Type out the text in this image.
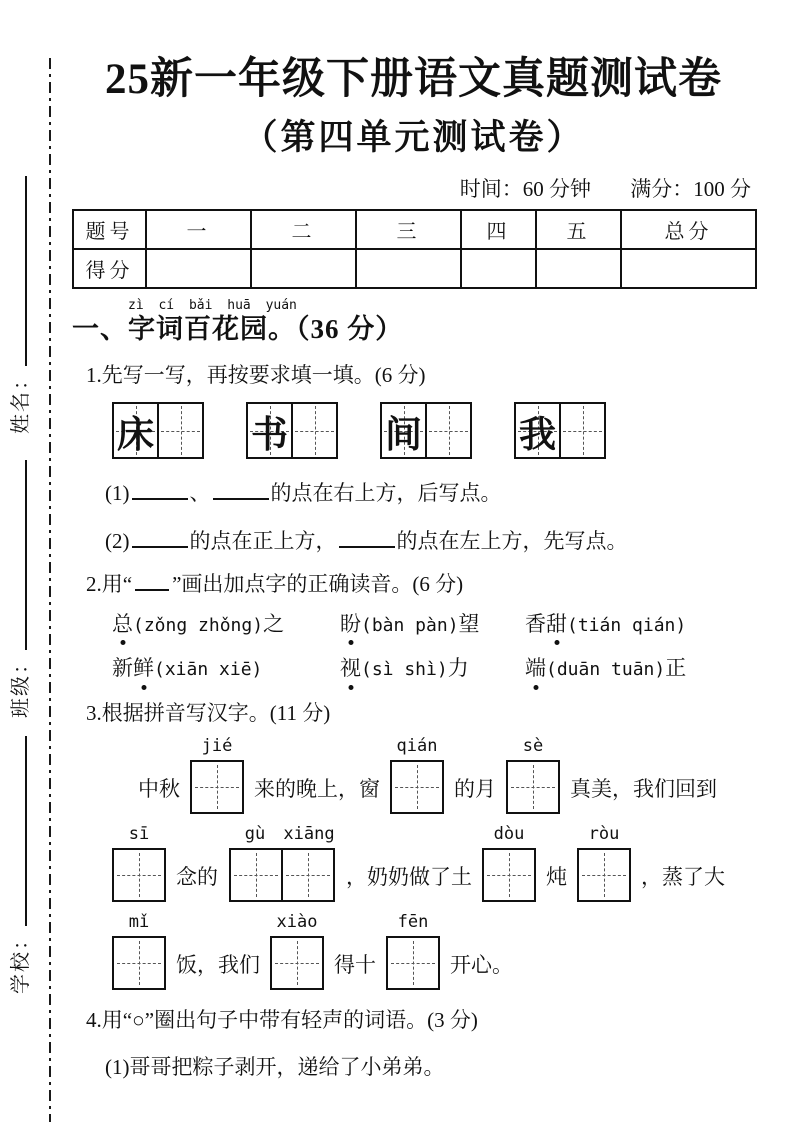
姓名：
班级：
学校：
25新一年级下册语文真题测试卷
（第四单元测试卷）
时间：60 分钟 满分：100 分
题号	一	二	三	四	五	总分
得分						
zì cí bǎi huā yuán
一、字词百花园。（36 分）

1.先写一写，再按要求填一填。(6 分)

床	书	间	我

(1)	、	的点在右上方，后写点。

(2)	的点在正上方，	的点在左上方，先写点。

2.用“ ”画出加点字的正确读音。(6 分)

总(zǒng zhǒng)之	盼(bàn pàn)望	香甜(tián qián)
新鲜(xiān xiē)	视(sì shì)力	端(duān tuān)正

3.根据拼音写汉字。(11 分)

中秋
jié
来的晚上，窗
qián
的月
sè
真美，我们回到
sī
念的
gù	xiāng
，奶奶做了土
dòu
炖
ròu
，蒸了大
mǐ
饭，我们
xiào
得十
fēn
开心。

4.用“○”圈出句子中带有轻声的词语。(3 分)

(1)哥哥把粽子剥开，递给了小弟弟。
